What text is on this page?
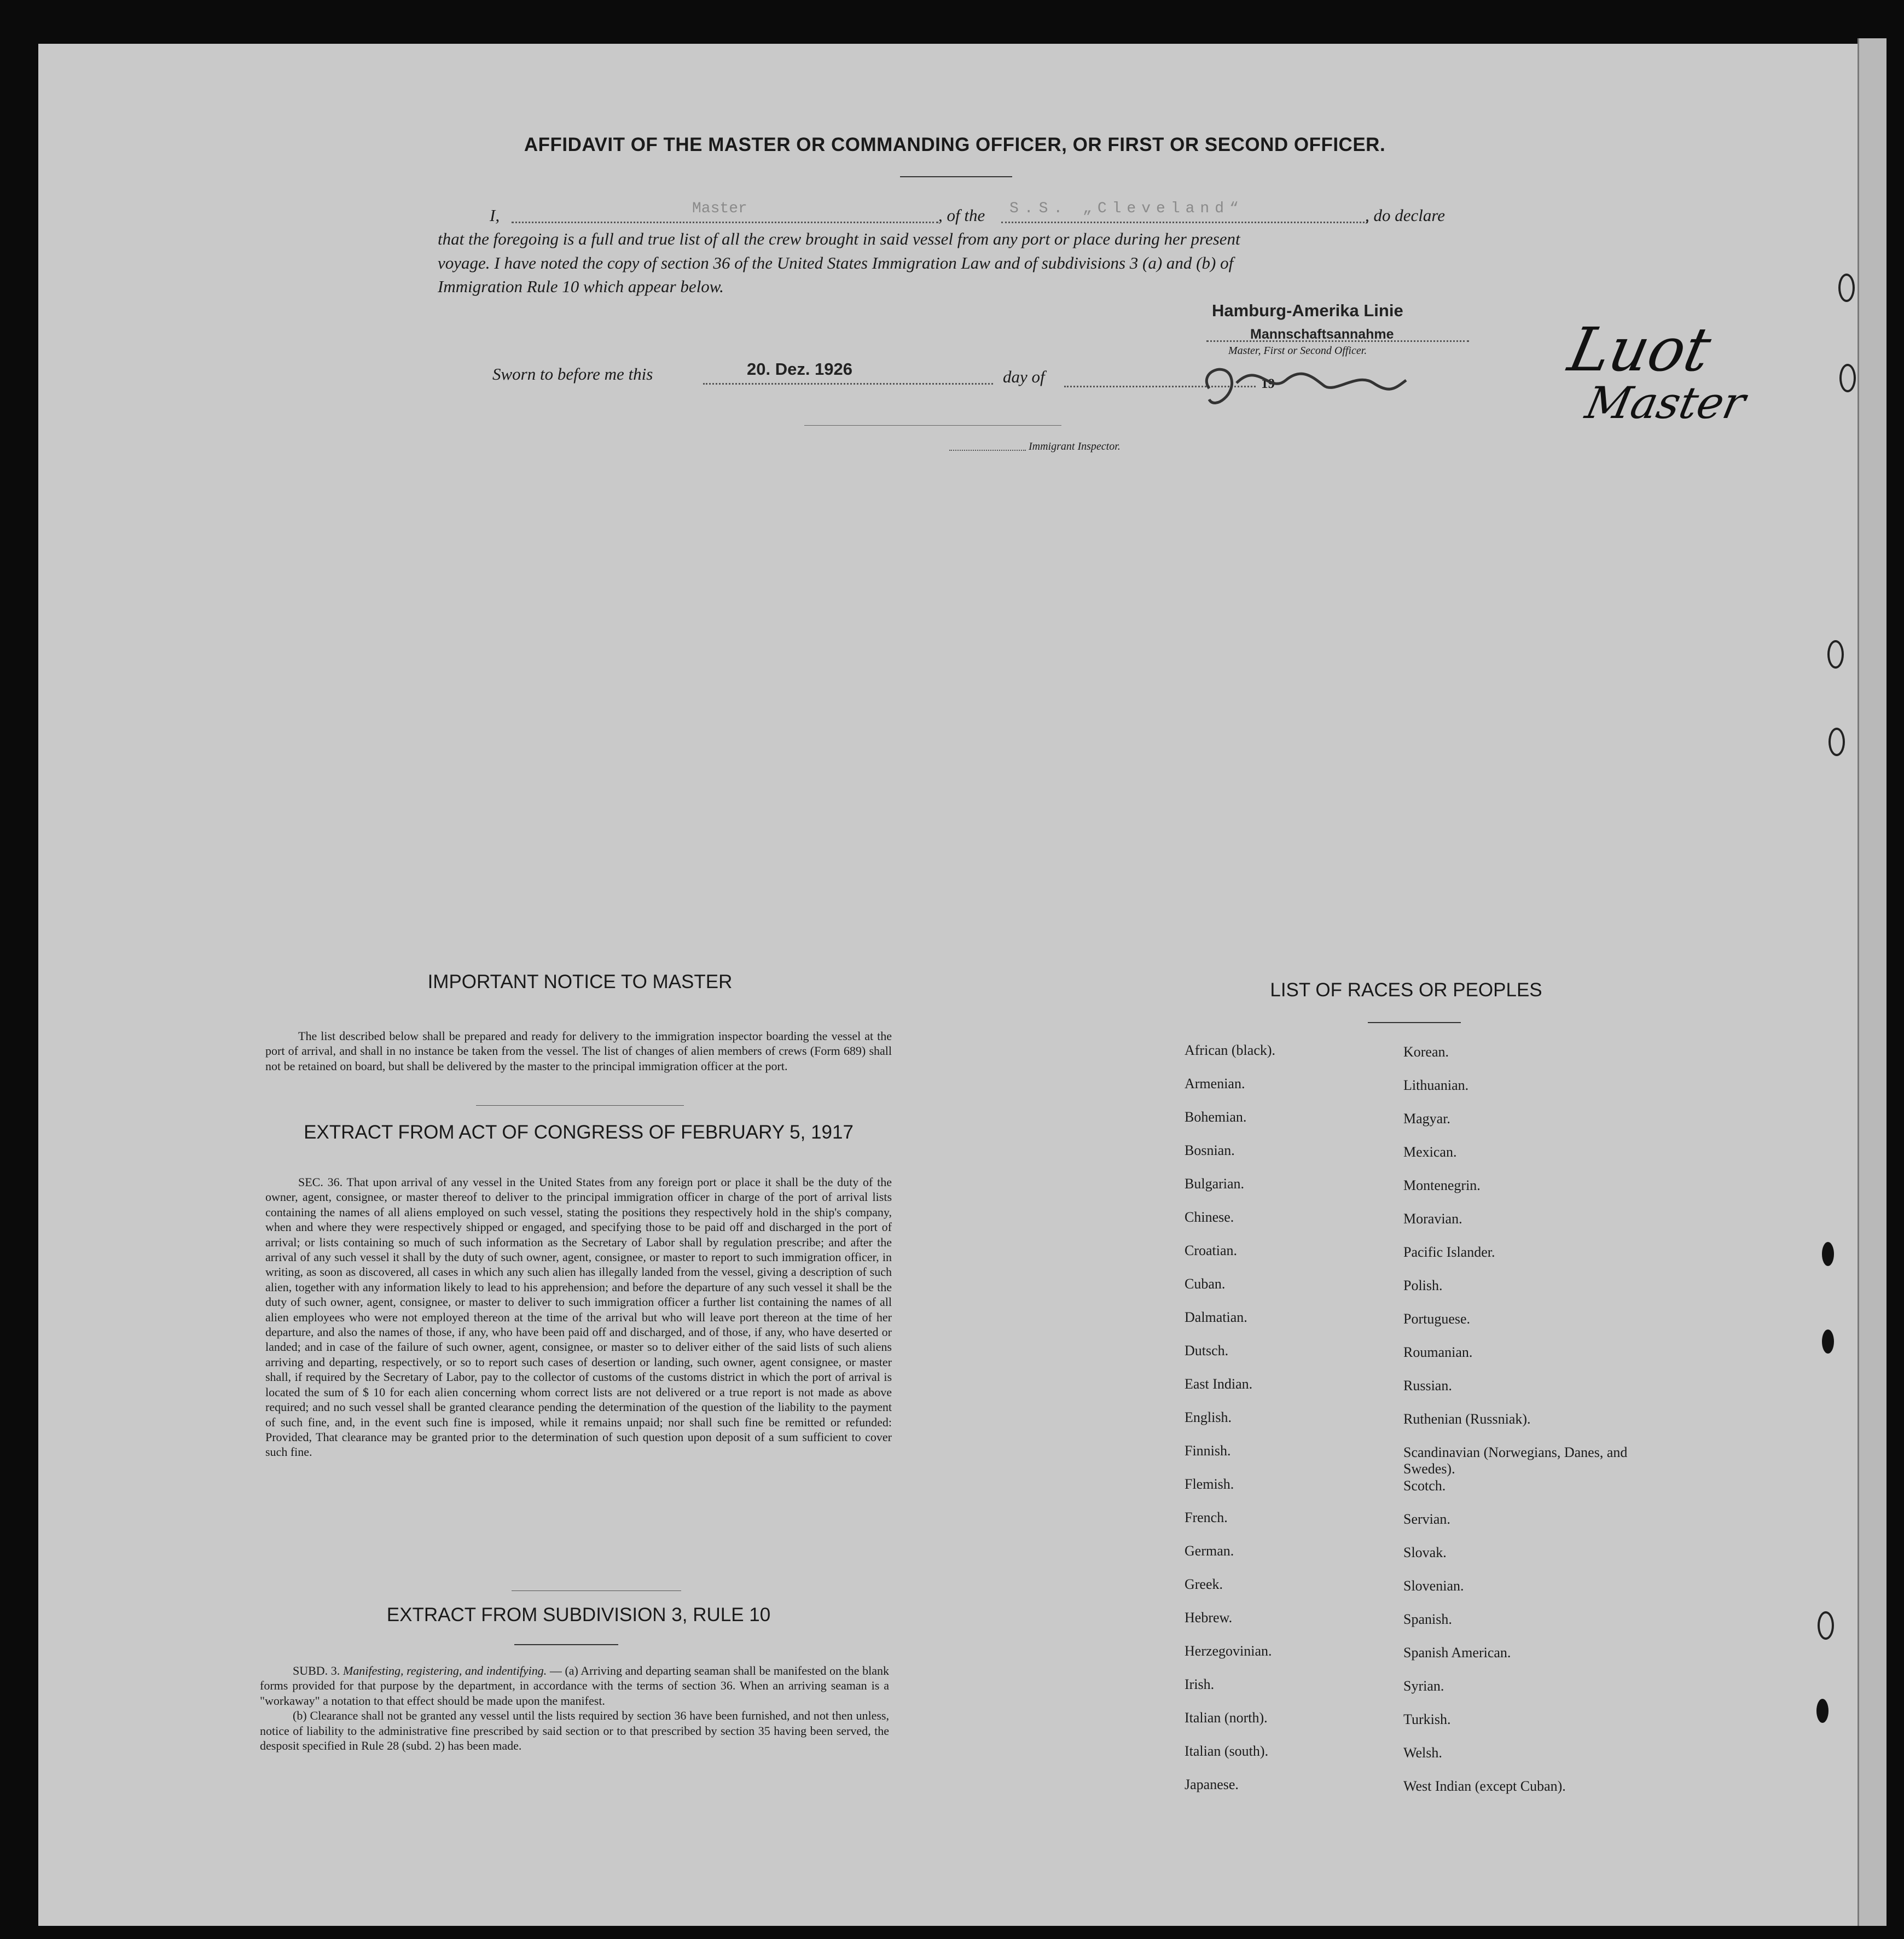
AFFIDAVIT OF THE MASTER OR COMMANDING OFFICER, OR FIRST OR SECOND OFFICER.
I,	Master	, of the S.S. „Cleveland“	, do declare
that the foregoing is a full and true list of all the crew brought in said vessel from any port or place during her present
voyage. I have noted the copy of section 36 of the United States Immigration Law and of subdivisions 3 (a) and (b) of
Immigration Rule 10 which appear below.
Hamburg-Amerika Linie
Mannschaftsannahme
Master, First or Second Officer.
Sworn to before me this	20. Dez. 1926	day of	19
Immigrant Inspector.
Luot
Master
IMPORTANT NOTICE TO MASTER

The list described below shall be prepared and ready for delivery to the immigration inspector boarding the vessel at the port of arrival, and shall in no instance be taken from the vessel. The list of changes of alien members of crews (Form 689) shall not be retained on board, but shall be delivered by the master to the principal immigration officer at the port.

EXTRACT FROM ACT OF CONGRESS OF FEBRUARY 5, 1917

SEC. 36. That upon arrival of any vessel in the United States from any foreign port or place it shall be the duty of the owner, agent, consignee, or master thereof to deliver to the principal immigration officer in charge of the port of arrival lists containing the names of all aliens employed on such vessel, stating the positions they respectively hold in the ship's company, when and where they were respectively shipped or engaged, and specifying those to be paid off and discharged in the port of arrival; or lists containing so much of such information as the Secretary of Labor shall by regulation prescribe; and after the arrival of any such vessel it shall by the duty of such owner, agent, consignee, or master to report to such immigration officer, in writing, as soon as discovered, all cases in which any such alien has illegally landed from the vessel, giving a description of such alien, together with any information likely to lead to his apprehension; and before the departure of any such vessel it shall be the duty of such owner, agent, consignee, or master to deliver to such immigration officer a further list containing the names of all alien employees who were not employed thereon at the time of the arrival but who will leave port thereon at the time of her departure, and also the names of those, if any, who have been paid off and discharged, and of those, if any, who have deserted or landed; and in case of the failure of such owner, agent, consignee, or master so to deliver either of the said lists of such aliens arriving and departing, respectively, or so to report such cases of desertion or landing, such owner, agent consignee, or master shall, if required by the Secretary of Labor, pay to the collector of customs of the customs district in which the port of arrival is located the sum of $ 10 for each alien concerning whom correct lists are not delivered or a true report is not made as above required; and no such vessel shall be granted clearance pending the determination of the question of the liability to the payment of such fine, and, in the event such fine is imposed, while it remains unpaid; nor shall such fine be remitted or refunded: Provided, That clearance may be granted prior to the determination of such question upon deposit of a sum sufficient to cover such fine.

EXTRACT FROM SUBDIVISION 3, RULE 10

SUBD. 3. Manifesting, registering, and indentifying. — (a) Arriving and departing seaman shall be manifested on the blank forms provided for that purpose by the department, in accordance with the terms of section 36. When an arriving seaman is a "workaway" a notation to that effect should be made upon the manifest.

(b) Clearance shall not be granted any vessel until the lists required by section 36 have been furnished, and not then unless, notice of liability to the administrative fine prescribed by said section or to that prescribed by section 35 having been served, the desposit specified in Rule 28 (subd. 2) has been made.

LIST OF RACES OR PEOPLES
African (black).
Armenian.
Bohemian.
Bosnian.
Bulgarian.
Chinese.
Croatian.
Cuban.
Dalmatian.
Dutsch.
East Indian.
English.
Finnish.
Flemish.
French.
German.
Greek.
Hebrew.
Herzegovinian.
Irish.
Italian (north).
Italian (south).
Japanese.
Korean.
Lithuanian.
Magyar.
Mexican.
Montenegrin.
Moravian.
Pacific Islander.
Polish.
Portuguese.
Roumanian.
Russian.
Ruthenian (Russniak).
Scandinavian (Norwegians, Danes, and Swedes).
Scotch.
Servian.
Slovak.
Slovenian.
Spanish.
Spanish American.
Syrian.
Turkish.
Welsh.
West Indian (except Cuban).
